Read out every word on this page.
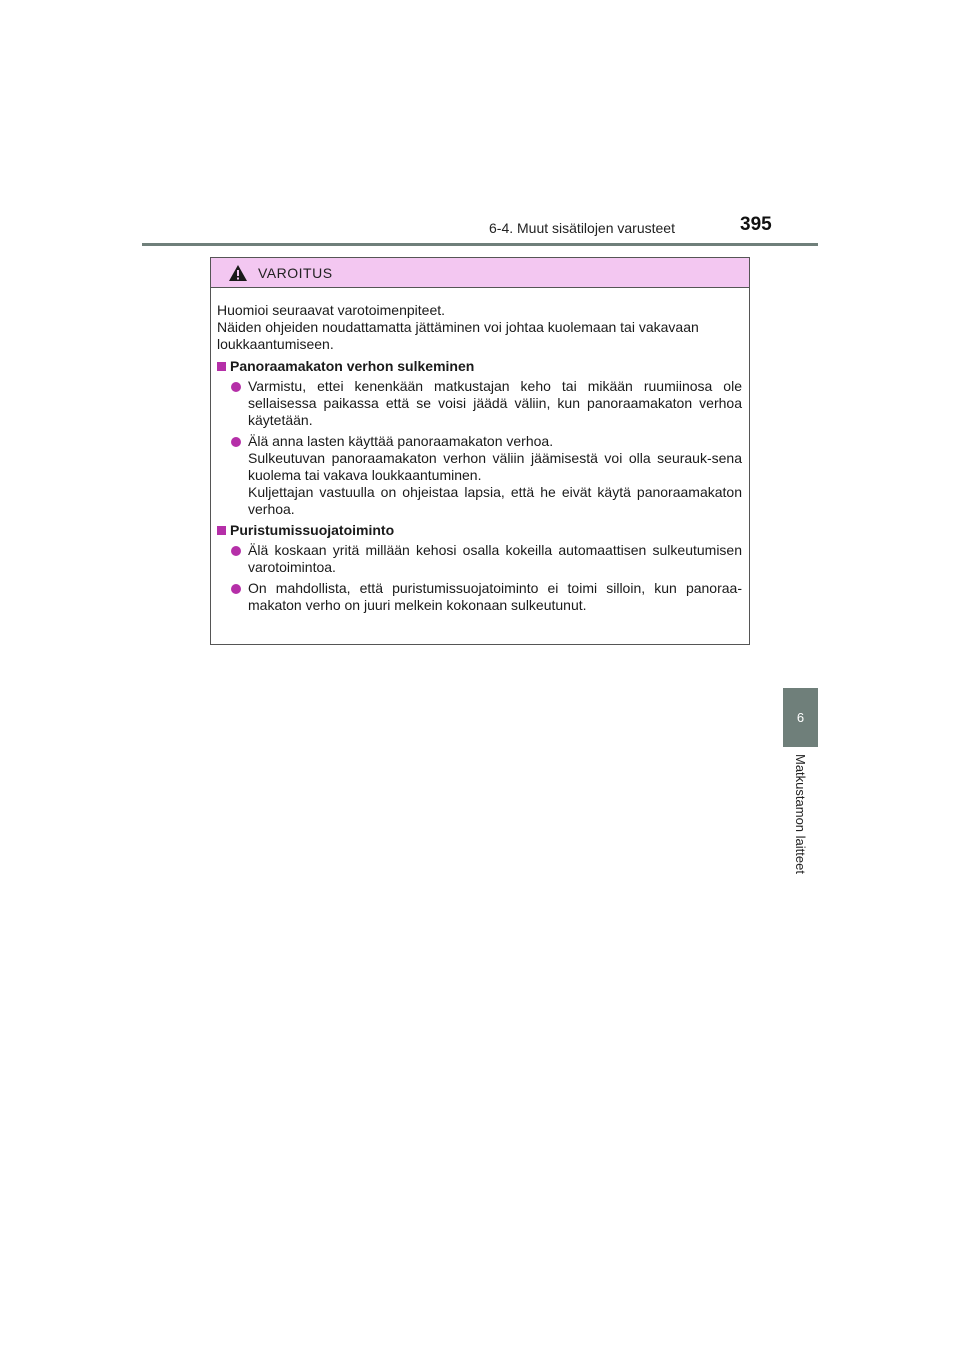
6-4. Muut sisätilojen varusteet	395
6
Matkustamon laitteet
VAROITUS

Huomioi seuraavat varotoimenpiteet.
Näiden ohjeiden noudattamatta jättäminen voi johtaa kuolemaan tai vakavaan loukkaantumiseen.

Panoraamakaton verhon sulkeminen
Varmistu, ettei kenenkään matkustajan keho tai mikään ruumiinosa ole sellaisessa paikassa että se voisi jäädä väliin, kun panoraamakaton verhoa käytetään.
Älä anna lasten käyttää panoraamakaton verhoa.
Sulkeutuvan panoraamakaton verhon väliin jäämisestä voi olla seurauk-sena kuolema tai vakava loukkaantuminen.
Kuljettajan vastuulla on ohjeistaa lapsia, että he eivät käytä panoraamakaton verhoa.
Puristumissuojatoiminto
Älä koskaan yritä millään kehosi osalla kokeilla automaattisen sulkeutumisen varotoimintoa.
On mahdollista, että puristumissuojatoiminto ei toimi silloin, kun panoraa-makaton verho on juuri melkein kokonaan sulkeutunut.
